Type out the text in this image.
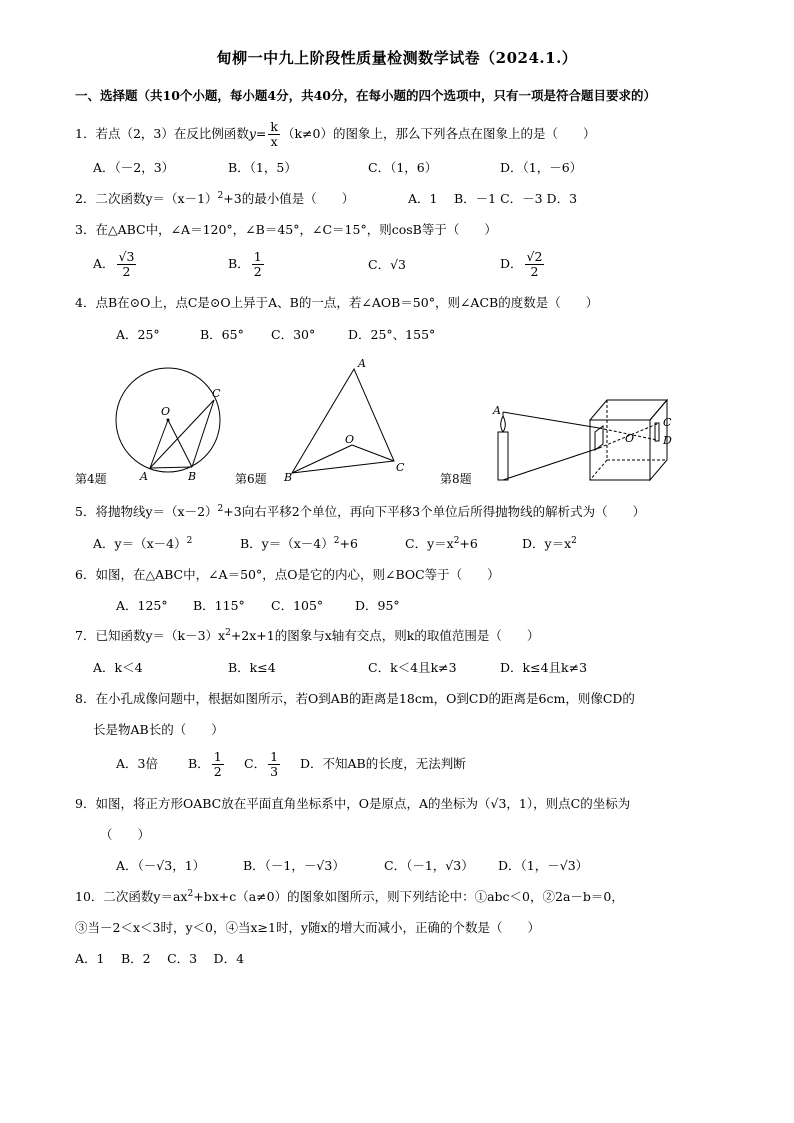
甸柳一中九上阶段性质量检测数学试卷（2024.1.）
一、选择题（共10个小题，每小题4分，共40分，在每小题的四个选项中，只有一项是符合题目要求的）
1．若点（2，3）在反比例函数$y= \frac{k}{x} (k\ne 0)$的图象上，那么下列各点在图象上的是（　　）
A．（－2，3）	B．（1，5）	C．（1，6）	D．（1，－6）
2．二次函数$y=(x-1)^2+3$的最小值是（　　）	A．1　 B．－1 C．－3 D．3
3．在△ABC中，∠A＝120°，∠B＝45°，∠C＝15°，则cosB等于（　　）
A． $\frac{√3}{2}$	B． $\frac{1}{2}$	C．√3	D． $\frac{√2}{2}$
4．点B在⊙O上，点C是⊙O上异于A、B的一点，若∠AOB＝50°，则∠ACB的度数是（　　）
A．25°	B．65° C．30°	D．25°、155°
O
A	B
C
第4题
A
B
C
O
第6题
A
O
C
D
第8题
5．将抛物线$y=(x-2)^2+3$向右平移2个单位，再向下平移3个单位后所得抛物线的解析式为（　　）
A．$y=(x-4)^2$	B．$y=(x-4)^2+6$	C．$y=x^2+6$	D．$y=x^2$
6．如图，在△ABC中，∠A＝50°，点O是它的内心，则∠BOC等于（　　）
A．125° B．115° C．105°	D．95°
7．已知函数$y=(k-3)x^2+2x+1$的图象与x轴有交点，则k的取值范围是（　　）
A．k＜4	B．k≤4	C．k＜4且k≠3	D．k≤4且k≠3
8．在小孔成像问题中，根据如图所示，若O到AB的距离是18cm，O到CD的距离是6cm，则像CD的
长是物AB长的（　　）
A．3倍 B． $\frac{1}{2}$ C． $\frac{1}{3}$ D．不知AB的长度，无法判断
9．如图，将正方形OABC放在平面直角坐标系中，O是原点，A的坐标为（√3，1），则点C的坐标为
（　　）
A．（－√3，1）	B．（－1，－√3）	C．（－1，√3） D．（1，－√3）
10．二次函数$y=ax^2+bx+c(a\ne 0)$的图象如图所示，则下列结论中：①abc＜0，②2a－b＝0，
③当－2＜x＜3时，y＜0，④当x≥1时，y随x的增大而减小，正确的个数是（　　）
A．1　 B．2　 C．3　 D．4
